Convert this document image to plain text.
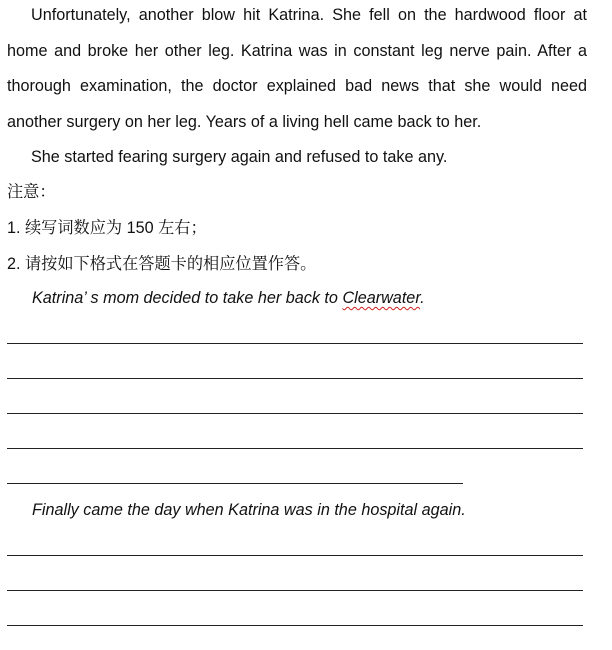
Unfortunately, another blow hit Katrina. She fell on the hardwood floor at home and broke her other leg. Katrina was in constant leg nerve pain. After a thorough examination, the doctor explained bad news that she would need another surgery on her leg. Years of a living hell came back to her.

She started fearing surgery again and refused to take any.

注意：

1. 续写词数应为 150 左右；

2. 请按如下格式在答题卡的相应位置作答。

Katrina’ s mom decided to take her back to Clearwater.

Finally came the day when Katrina was in the hospital again.
